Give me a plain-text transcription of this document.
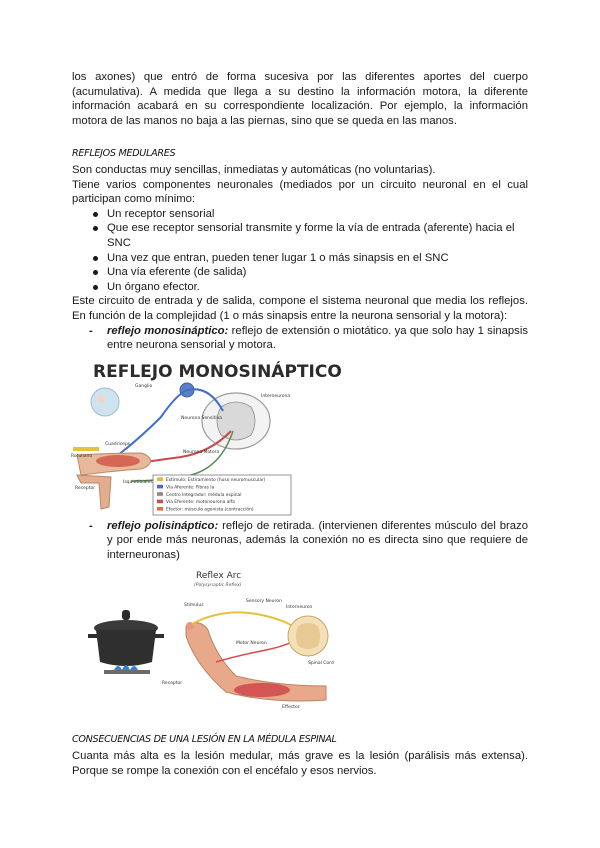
los axones) que entró de forma sucesiva por las diferentes aportes del cuerpo (acumulativa). A medida que llega a su destino la información motora, la diferente información acabará en su correspondiente localización. Por ejemplo, la información motora de las manos no baja a las piernas, sino que se queda en las manos.

REFLEJOS MEDULARES

Son conductas muy sencillas, inmediatas y automáticas (no voluntarias).

Tiene varios componentes neuronales (mediados por un circuito neuronal en el cual participan como mínimo:

Un receptor sensorial
Que ese receptor sensorial transmite y forme la vía de entrada (aferente) hacia el SNC
Una vez que entran, pueden tener lugar 1 o más sinapsis en el SNC
Una vía eferente (de salida)
Un órgano efector.

Este circuito de entrada y de salida, compone el sistema neuronal que media los reflejos. En función de la complejidad (1 o más sinapsis entre la neurona sensorial y la motora):

- reflejo monosináptico: reflejo de extensión o miotático. ya que solo hay 1 sinapsis entre neurona sensorial y motora.
REFLEJO MONOSINÁPTICO
Ganglio
Interneurona
Neurona Sensitiva
Neurona Motora
Cuadriceps
Rotuliano
Receptor
Isquiotibiales	Estímulo: Estiramiento (huso neuromuscular)
Vía Aferente: Fibras Ia
Centro Integrador: médula espinal
Vía Eferente: motoneurona alfa
Efector: músculo agonista (contracción)
- reflejo polisináptico: reflejo de retirada. (intervienen diferentes músculo del brazo y por ende más neuronas, además la conexión no es directa sino que requiere de interneuronas)
Reflex Arc
(Polysynaptic Reflex)
Sensory Neuron
Interneuron
Motor Neuron
Spinal Cord
Stimulus
Effector
Receptor
CONSECUENCIAS DE UNA LESIÓN EN LA MÉDULA ESPINAL

Cuanta más alta es la lesión medular, más grave es la lesión (parálisis más extensa). Porque se rompe la conexión con el encéfalo y esos nervios.
